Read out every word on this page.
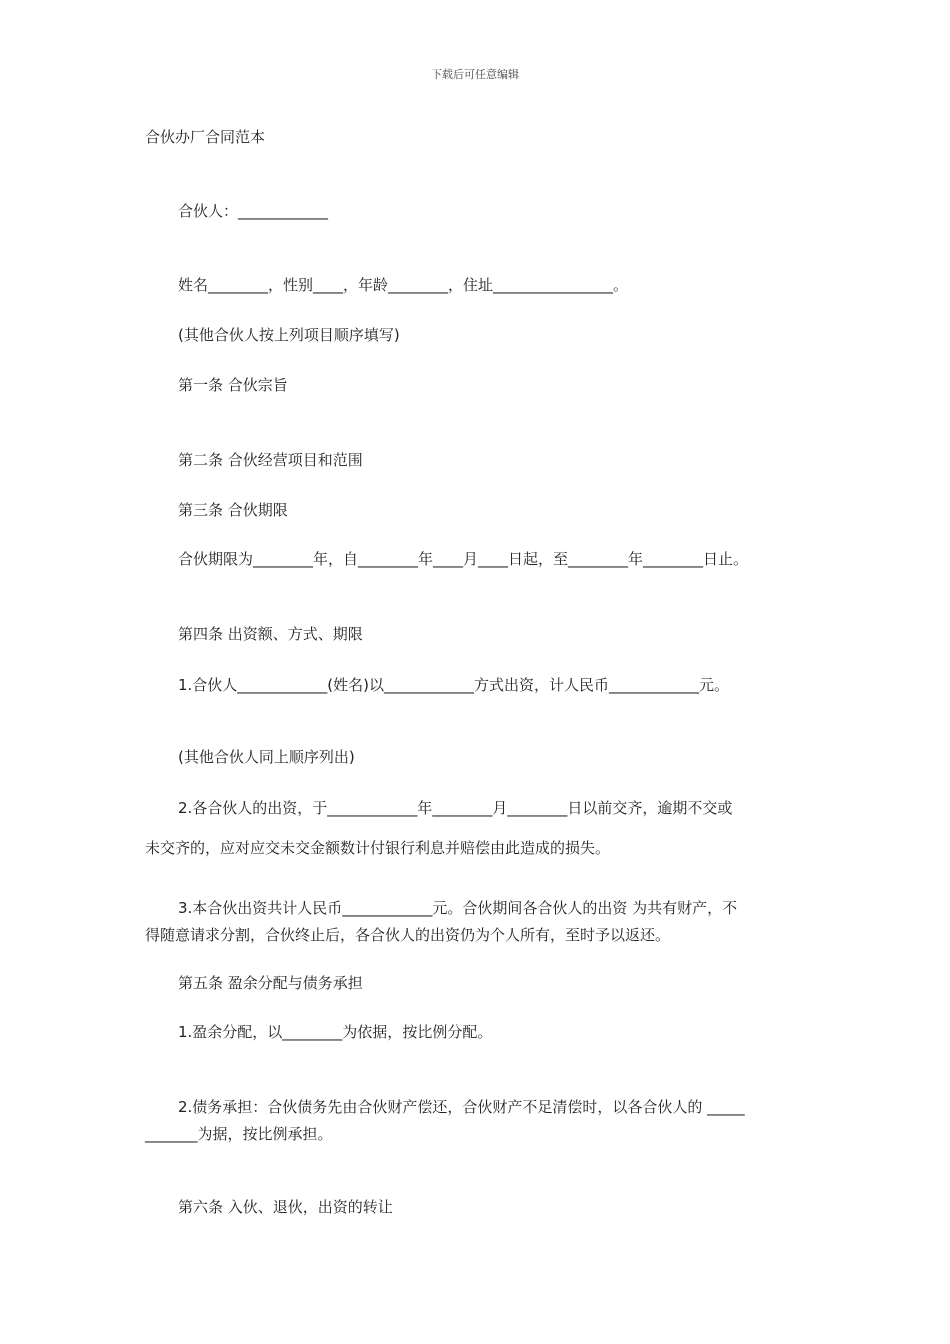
下载后可任意编辑
合伙办厂合同范本
合伙人：____________
姓名________，性别____，年龄________，住址________________。
(其他合伙人按上列项目顺序填写)
第一条 合伙宗旨
第二条 合伙经营项目和范围
第三条 合伙期限
合伙期限为________年，自________年____月____日起，至________年________日止。
第四条 出资额、方式、期限
1.合伙人____________(姓名)以____________方式出资，计人民币____________元。
(其他合伙人同上顺序列出)
2.各合伙人的出资，于____________年________月________日以前交齐，逾期不交或
未交齐的，应对应交未交金额数计付银行利息并赔偿由此造成的损失。
3.本合伙出资共计人民币____________元。合伙期间各合伙人的出资 为共有财产，不
得随意请求分割，合伙终止后，各合伙人的出资仍为个人所有，至时予以返还。
第五条 盈余分配与债务承担
1.盈余分配，以________为依据，按比例分配。
2.债务承担：合伙债务先由合伙财产偿还，合伙财产不足清偿时，以各合伙人的 _____
_______为据，按比例承担。
第六条 入伙、退伙，出资的转让
